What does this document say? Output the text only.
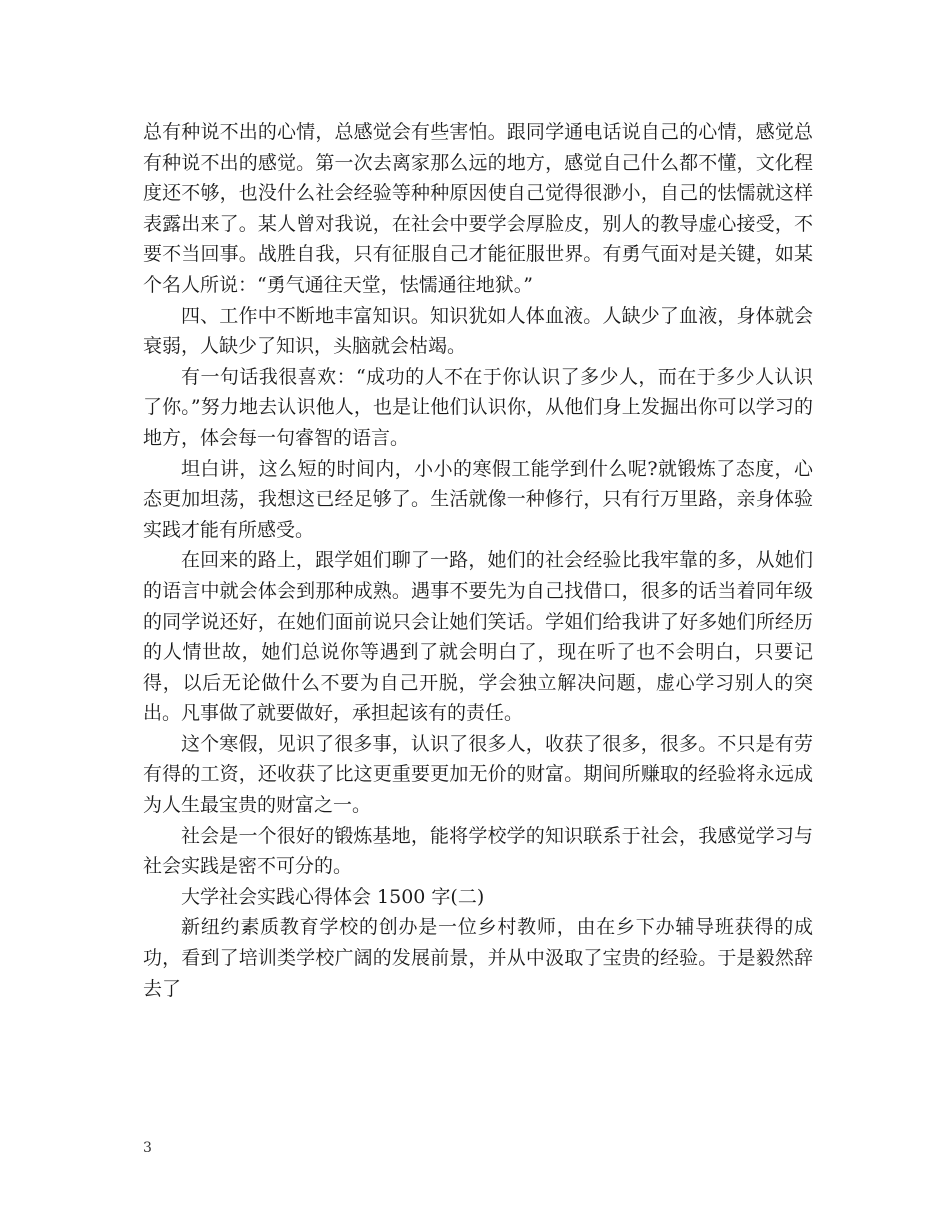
总有种说不出的心情，总感觉会有些害怕。跟同学通电话说自己的心情，感觉总有种说不出的感觉。第一次去离家那么远的地方，感觉自己什么都不懂，文化程度还不够，也没什么社会经验等种种原因使自己觉得很渺小，自己的怯懦就这样表露出来了。某人曾对我说，在社会中要学会厚脸皮，别人的教导虚心接受，不要不当回事。战胜自我，只有征服自己才能征服世界。有勇气面对是关键，如某个名人所说：“勇气通往天堂，怯懦通往地狱。”

四、工作中不断地丰富知识。知识犹如人体血液。人缺少了血液，身体就会衰弱，人缺少了知识，头脑就会枯竭。

有一句话我很喜欢：“成功的人不在于你认识了多少人，而在于多少人认识了你。”努力地去认识他人，也是让他们认识你，从他们身上发掘出你可以学习的地方，体会每一句睿智的语言。

坦白讲，这么短的时间内，小小的寒假工能学到什么呢?就锻炼了态度，心态更加坦荡，我想这已经足够了。生活就像一种修行，只有行万里路，亲身体验实践才能有所感受。

在回来的路上，跟学姐们聊了一路，她们的社会经验比我牢靠的多，从她们的语言中就会体会到那种成熟。遇事不要先为自己找借口，很多的话当着同年级的同学说还好，在她们面前说只会让她们笑话。学姐们给我讲了好多她们所经历的人情世故，她们总说你等遇到了就会明白了，现在听了也不会明白，只要记得，以后无论做什么不要为自己开脱，学会独立解决问题，虚心学习别人的突出。凡事做了就要做好，承担起该有的责任。

这个寒假，见识了很多事，认识了很多人，收获了很多，很多。不只是有劳有得的工资，还收获了比这更重要更加无价的财富。期间所赚取的经验将永远成为人生最宝贵的财富之一。

社会是一个很好的锻炼基地，能将学校学的知识联系于社会，我感觉学习与社会实践是密不可分的。

大学社会实践心得体会 1500 字(二)

新纽约素质教育学校的创办是一位乡村教师，由在乡下办辅导班获得的成功，看到了培训类学校广阔的发展前景，并从中汲取了宝贵的经验。于是毅然辞去了

3
